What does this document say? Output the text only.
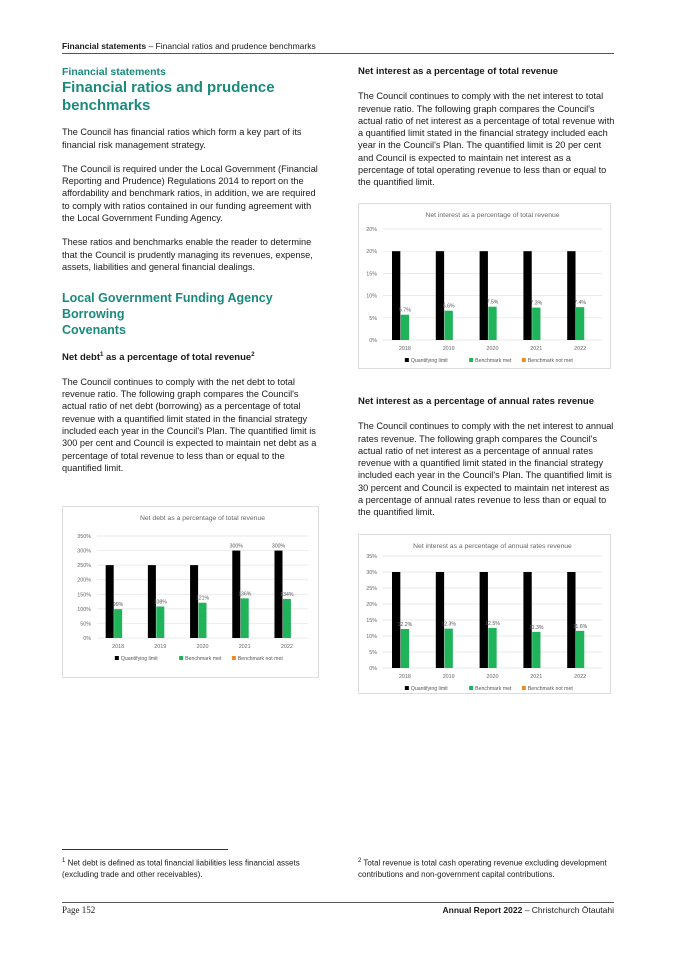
Financial statements – Financial ratios and prudence benchmarks
Financial statements
Financial ratios and prudence
benchmarks

The Council has financial ratios which form a key part of its financial risk management strategy.

The Council is required under the Local Government (Financial Reporting and Prudence) Regulations 2014 to report on the affordability and benchmark ratios, in addition, we are required to comply with ratios contained in our funding agreement with the Local Government Funding Agency.

These ratios and benchmarks enable the reader to determine that the Council is prudently managing its revenues, expense, assets, liabilities and general financial dealings.

Local Government Funding Agency Borrowing
Covenants
Net debt$^1$ as a percentage of total revenue$^2$

The Council continues to comply with the net debt to total revenue ratio. The following graph compares the Council's actual ratio of net debt (borrowing) as a percentage of total revenue with a quantified limit stated in the financial strategy included each year in the Council's Plan. The quantified limit is 300 per cent and Council is expected to maintain net debt as a percentage of total revenue to less than or equal to the quantified limit.

Net interest as a percentage of total revenue

The Council continues to comply with the net interest to total revenue ratio. The following graph compares the Council's actual ratio of net interest as a percentage of total revenue with a quantified limit stated in the financial strategy included each year in the Council's Plan. The quantified limit is 20 per cent and Council is expected to maintain net interest as a percentage of total operating revenue to less than or equal to the quantified limit.

Net interest as a percentage of annual rates revenue

The Council continues to comply with the net interest to annual rates revenue. The following graph compares the Council's actual ratio of net interest as a percentage of annual rates revenue with a quantified limit stated in the financial strategy included each year in the Council's Plan. The quantified limit is 30 percent and Council is expected to maintain net interest as a percentage of annual rates revenue to less than or equal to the quantified limit.

Net debt as a percentage of total revenue
0%
50%
100%
150%
200%
250%
300%
350%
99%
2018
108%
2019
121%
2020
300%
136%
2021
300%
134%
2022
Quantifying limit	Benchmark met	Benchmark not met
Net interest as a percentage of total revenue
0%
5%
10%
15%
20%
20%
5.7%
2018
6.6%
2019
7.5%
2020
7.3%
2021
7.4%
2022
Quantifying limit	Benchmark met	Benchmark not met
Net interest as a percentage of annual rates revenue
0%
5%
10%
15%
20%
25%
30%
35%
12.2%
2018
12.3%
2019
12.5%
2020
11.3%
2021
11.6%
2022
Quantifying limit	Benchmark met	Benchmark not met
$^1$ Net debt is defined as total financial liabilities less financial assets (excluding trade and other receivables).
$^2$ Total revenue is total cash operating revenue excluding development contributions and non-government capital contributions.
Page 152	Annual Report 2022 – Christchurch Ōtautahi
